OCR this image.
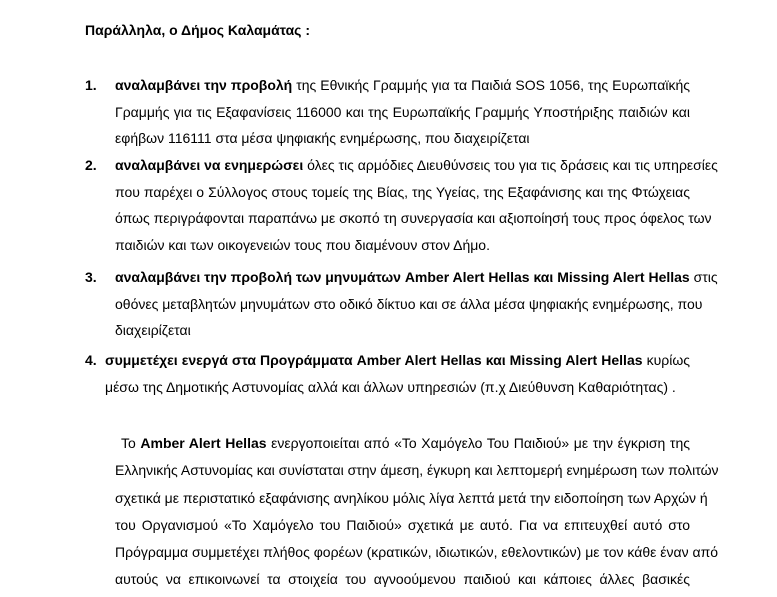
Παράλληλα, ο Δήμος Καλαμάτας :
1. αναλαμβάνει την προβολή της Εθνικής Γραμμής για τα Παιδιά SOS 1056, της Ευρωπαϊκής
Γραμμής για τις Εξαφανίσεις 116000 και της Ευρωπαϊκής Γραμμής Υποστήριξης παιδιών και
εφήβων 116111 στα μέσα ψηφιακής ενημέρωσης, που διαχειρίζεται
2. αναλαμβάνει να ενημερώσει όλες τις αρμόδιες Διευθύνσεις του για τις δράσεις και τις υπηρεσίες
που παρέχει ο Σύλλογος στους τομείς της Βίας, της Υγείας, της Εξαφάνισης και της Φτώχειας
όπως περιγράφονται παραπάνω με σκοπό τη συνεργασία και αξιοποίησή τους προς όφελος των
παιδιών και των οικογενειών τους που διαμένουν στον Δήμο.
3. αναλαμβάνει την προβολή των μηνυμάτων Amber Alert Hellas και Missing Alert Hellas στις
οθόνες μεταβλητών μηνυμάτων στο οδικό δίκτυο και σε άλλα μέσα ψηφιακής ενημέρωσης, που
διαχειρίζεται
4. συμμετέχει ενεργά στα Προγράμματα Amber Alert Hellas και Missing Alert Hellas κυρίως
μέσω της Δημοτικής Αστυνομίας αλλά και άλλων υπηρεσιών (π.χ Διεύθυνση Καθαριότητας) .
Το Amber Alert Hellas ενεργοποιείται από «Το Χαμόγελο Του Παιδιού» με την έγκριση της
Ελληνικής Αστυνομίας και συνίσταται στην άμεση, έγκυρη και λεπτομερή ενημέρωση των πολιτών
σχετικά με περιστατικό εξαφάνισης ανηλίκου μόλις λίγα λεπτά μετά την ειδοποίηση των Αρχών ή
του Οργανισμού «Το Χαμόγελο του Παιδιού» σχετικά με αυτό. Για να επιτευχθεί αυτό στο
Πρόγραμμα συμμετέχει πλήθος φορέων (κρατικών, ιδιωτικών, εθελοντικών) με τον κάθε έναν από
αυτούς να επικοινωνεί τα στοιχεία του αγνοούμενου παιδιού και κάποιες άλλες βασικές
